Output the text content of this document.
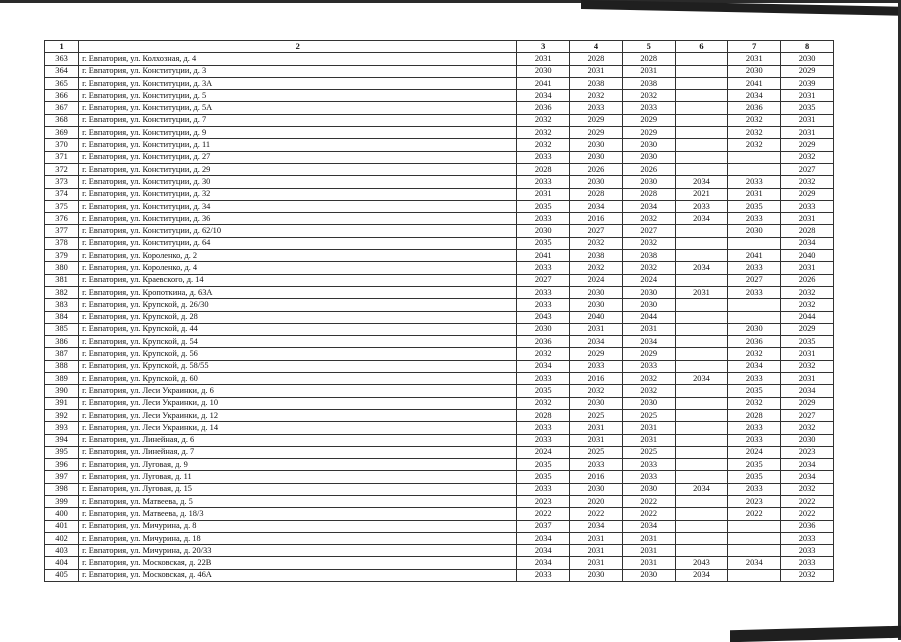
1	2	3	4	5	6	7	8
363	г. Евпатория, ул. Колхозная, д. 4	2031	2028	2028		2031	2030
364	г. Евпатория, ул. Конституции, д. 3	2030	2031	2031		2030	2029
365	г. Евпатория, ул. Конституции, д. 3А	2041	2038	2038		2041	2039
366	г. Евпатория, ул. Конституции, д. 5	2034	2032	2032		2034	2031
367	г. Евпатория, ул. Конституции, д. 5А	2036	2033	2033		2036	2035
368	г. Евпатория, ул. Конституции, д. 7	2032	2029	2029		2032	2031
369	г. Евпатория, ул. Конституции, д. 9	2032	2029	2029		2032	2031
370	г. Евпатория, ул. Конституции, д. 11	2032	2030	2030		2032	2029
371	г. Евпатория, ул. Конституции, д. 27	2033	2030	2030			2032
372	г. Евпатория, ул. Конституции, д. 29	2028	2026	2026			2027
373	г. Евпатория, ул. Конституции, д. 30	2033	2030	2030	2034	2033	2032
374	г. Евпатория, ул. Конституции, д. 32	2031	2028	2028	2021	2031	2029
375	г. Евпатория, ул. Конституции, д. 34	2035	2034	2034	2033	2035	2033
376	г. Евпатория, ул. Конституции, д. 36	2033	2016	2032	2034	2033	2031
377	г. Евпатория, ул. Конституции, д. 62/10	2030	2027	2027		2030	2028
378	г. Евпатория, ул. Конституции, д. 64	2035	2032	2032			2034
379	г. Евпатория, ул. Короленко, д. 2	2041	2038	2038		2041	2040
380	г. Евпатория, ул. Короленко, д. 4	2033	2032	2032	2034	2033	2031
381	г. Евпатория, ул. Краевского, д. 14	2027	2024	2024		2027	2026
382	г. Евпатория, ул. Кропоткина, д. 63А	2033	2030	2030	2031	2033	2032
383	г. Евпатория, ул. Крупской, д. 26/30	2033	2030	2030			2032
384	г. Евпатория, ул. Крупской, д. 28	2043	2040	2044			2044
385	г. Евпатория, ул. Крупской, д. 44	2030	2031	2031		2030	2029
386	г. Евпатория, ул. Крупской, д. 54	2036	2034	2034		2036	2035
387	г. Евпатория, ул. Крупской, д. 56	2032	2029	2029		2032	2031
388	г. Евпатория, ул. Крупской, д. 58/55	2034	2033	2033		2034	2032
389	г. Евпатория, ул. Крупской, д. 60	2033	2016	2032	2034	2033	2031
390	г. Евпатория, ул. Леси Украинки, д. 6	2035	2032	2032		2035	2034
391	г. Евпатория, ул. Леси Украинки, д. 10	2032	2030	2030		2032	2029
392	г. Евпатория, ул. Леси Украинки, д. 12	2028	2025	2025		2028	2027
393	г. Евпатория, ул. Леси Украинки, д. 14	2033	2031	2031		2033	2032
394	г. Евпатория, ул. Линейная, д. 6	2033	2031	2031		2033	2030
395	г. Евпатория, ул. Линейная, д. 7	2024	2025	2025		2024	2023
396	г. Евпатория, ул. Луговая, д. 9	2035	2033	2033		2035	2034
397	г. Евпатория, ул. Луговая, д. 11	2035	2016	2033		2035	2034
398	г. Евпатория, ул. Луговая, д. 15	2033	2030	2030	2034	2033	2032
399	г. Евпатория, ул. Матвеева, д. 5	2023	2020	2022		2023	2022
400	г. Евпатория, ул. Матвеева, д. 18/3	2022	2022	2022		2022	2022
401	г. Евпатория, ул. Мичурина, д. 8	2037	2034	2034			2036
402	г. Евпатория, ул. Мичурина, д. 18	2034	2031	2031			2033
403	г. Евпатория, ул. Мичурина, д. 20/33	2034	2031	2031			2033
404	г. Евпатория, ул. Московская, д. 22В	2034	2031	2031	2043	2034	2033
405	г. Евпатория, ул. Московская, д. 46А	2033	2030	2030	2034		2032
